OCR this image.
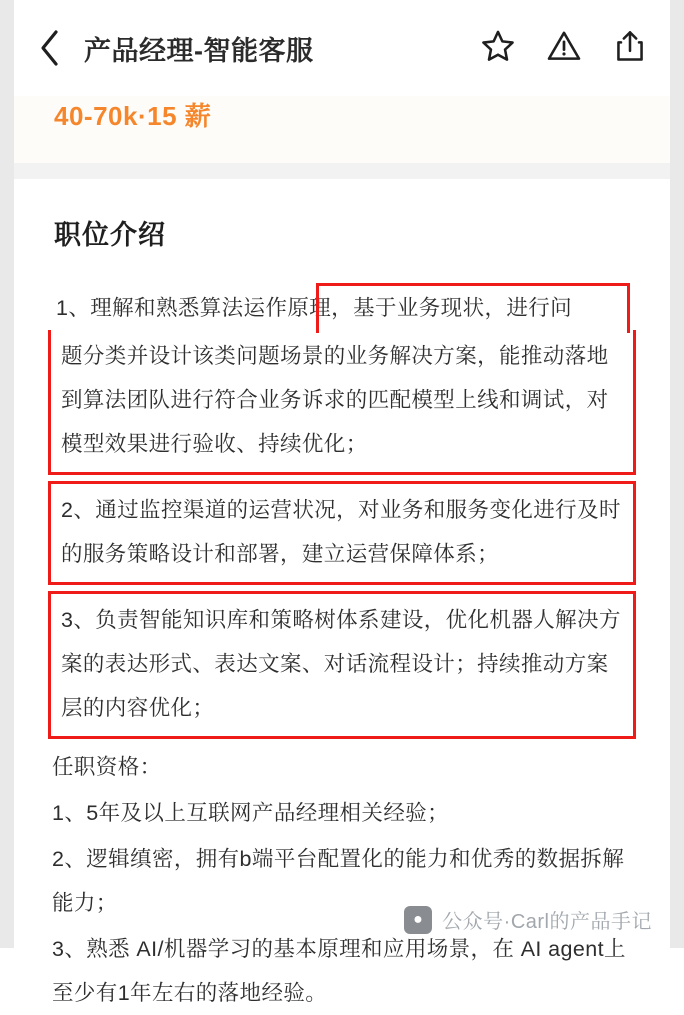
产品经理-智能客服
40-70k·15 薪
职位介绍

1、理解和熟悉算法运作原理，基于业务现状，进行问

题分类并设计该类问题场景的业务解决方案，能推动落地到算法团队进行符合业务诉求的匹配模型上线和调试，对模型效果进行验收、持续优化；

2、通过监控渠道的运营状况，对业务和服务变化进行及时的服务策略设计和部署，建立运营保障体系；

3、负责智能知识库和策略树体系建设，优化机器人解决方案的表达形式、表达文案、对话流程设计；持续推动方案层的内容优化；

任职资格：

1、5年及以上互联网产品经理相关经验；

2、逻辑缜密，拥有b端平台配置化的能力和优秀的数据拆解能力；

3、熟悉 AI/机器学习的基本原理和应用场景，在 AI agent上至少有1年左右的落地经验。

● 公众号·Carl的产品手记
